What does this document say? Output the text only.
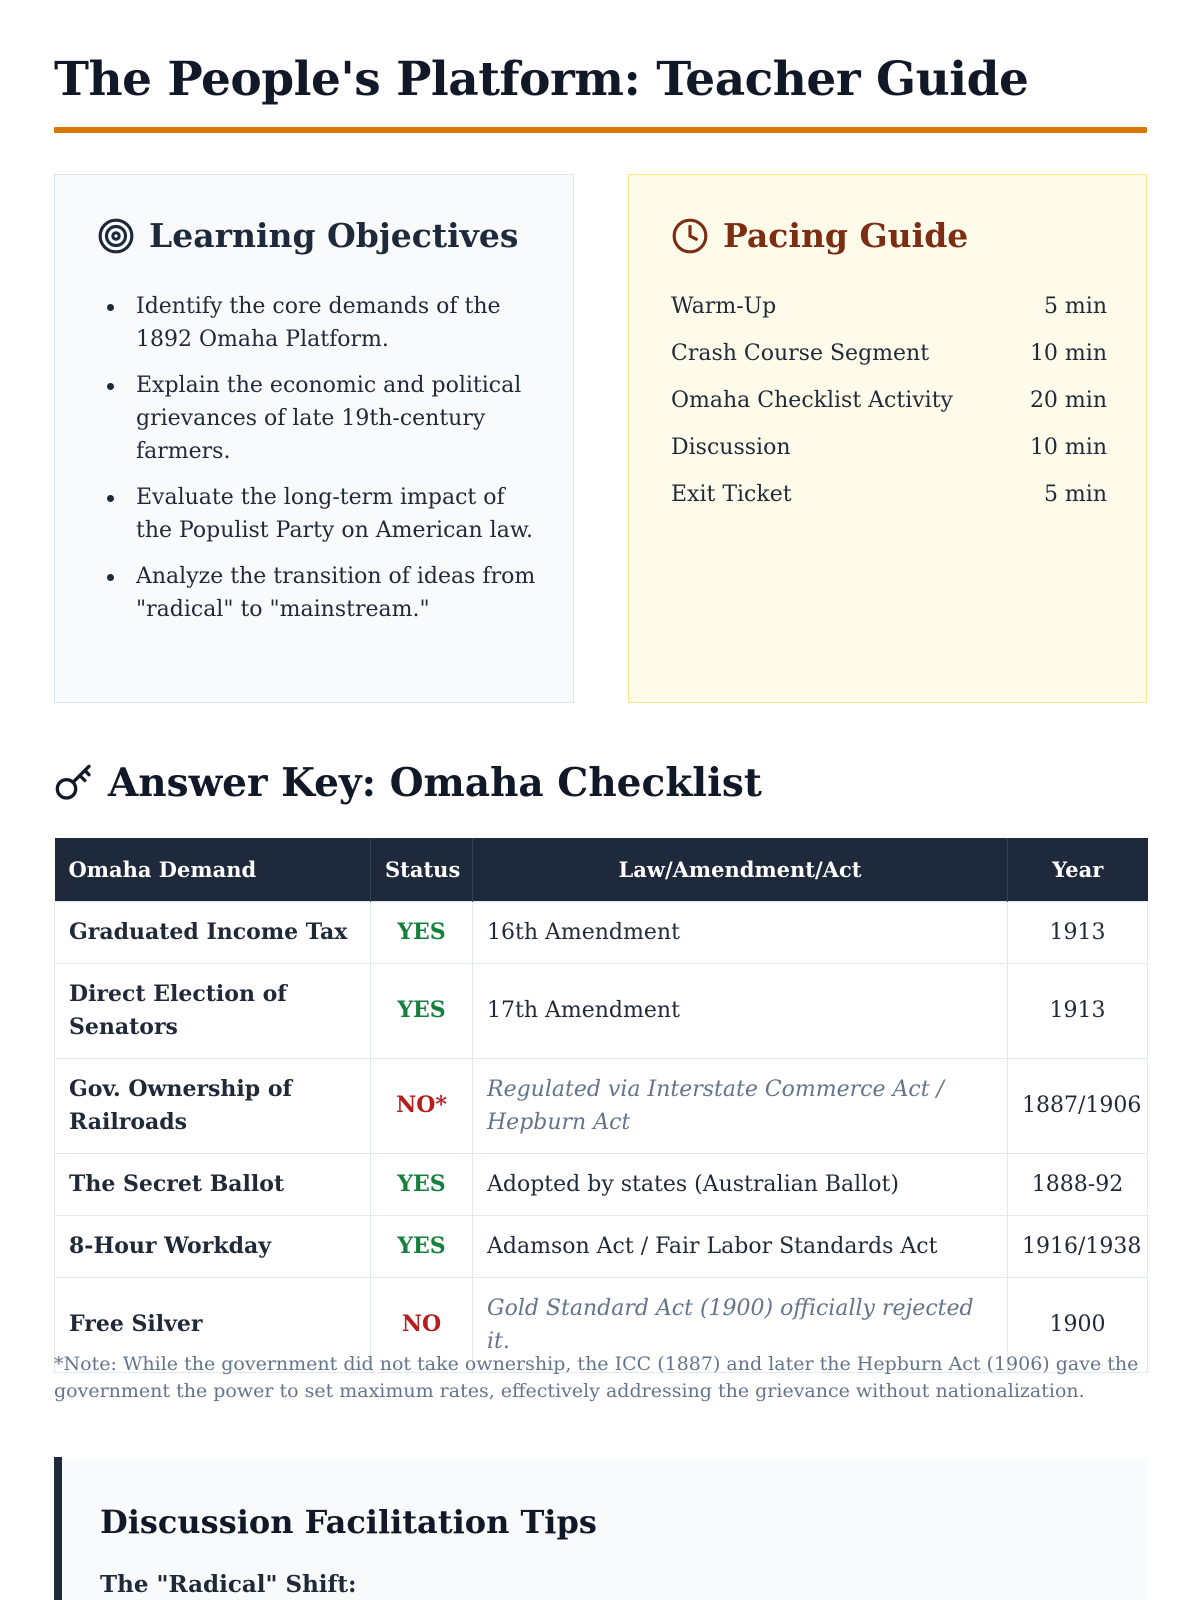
The People's Platform: Teacher Guide
Learning Objectives
Identify the core demands of the 1892 Omaha Platform.
Explain the economic and political grievances of late 19th-century farmers.
Evaluate the long-term impact of the Populist Party on American law.
Analyze the transition of ideas from "radical" to "mainstream."
Pacing Guide
Warm-Up	5 min
Crash Course Segment	10 min
Omaha Checklist Activity	20 min
Discussion	10 min
Exit Ticket	5 min
Answer Key: Omaha Checklist
Omaha Demand	Status	Law/Amendment/Act	Year
Graduated Income Tax	YES	16th Amendment	1913
Direct Election of Senators	YES	17th Amendment	1913
Gov. Ownership of Railroads	NO*	Regulated via Interstate Commerce Act / Hepburn Act	1887/1906
The Secret Ballot	YES	Adopted by states (Australian Ballot)	1888-92
8-Hour Workday	YES	Adamson Act / Fair Labor Standards Act	1916/1938
Free Silver	NO	Gold Standard Act (1900) officially rejected it.	1900

*Note: While the government did not take ownership, the ICC (1887) and later the Hepburn Act (1906) gave the government the power to set maximum rates, effectively addressing the grievance without nationalization.

Discussion Facilitation Tips
The "Radical" Shift:
